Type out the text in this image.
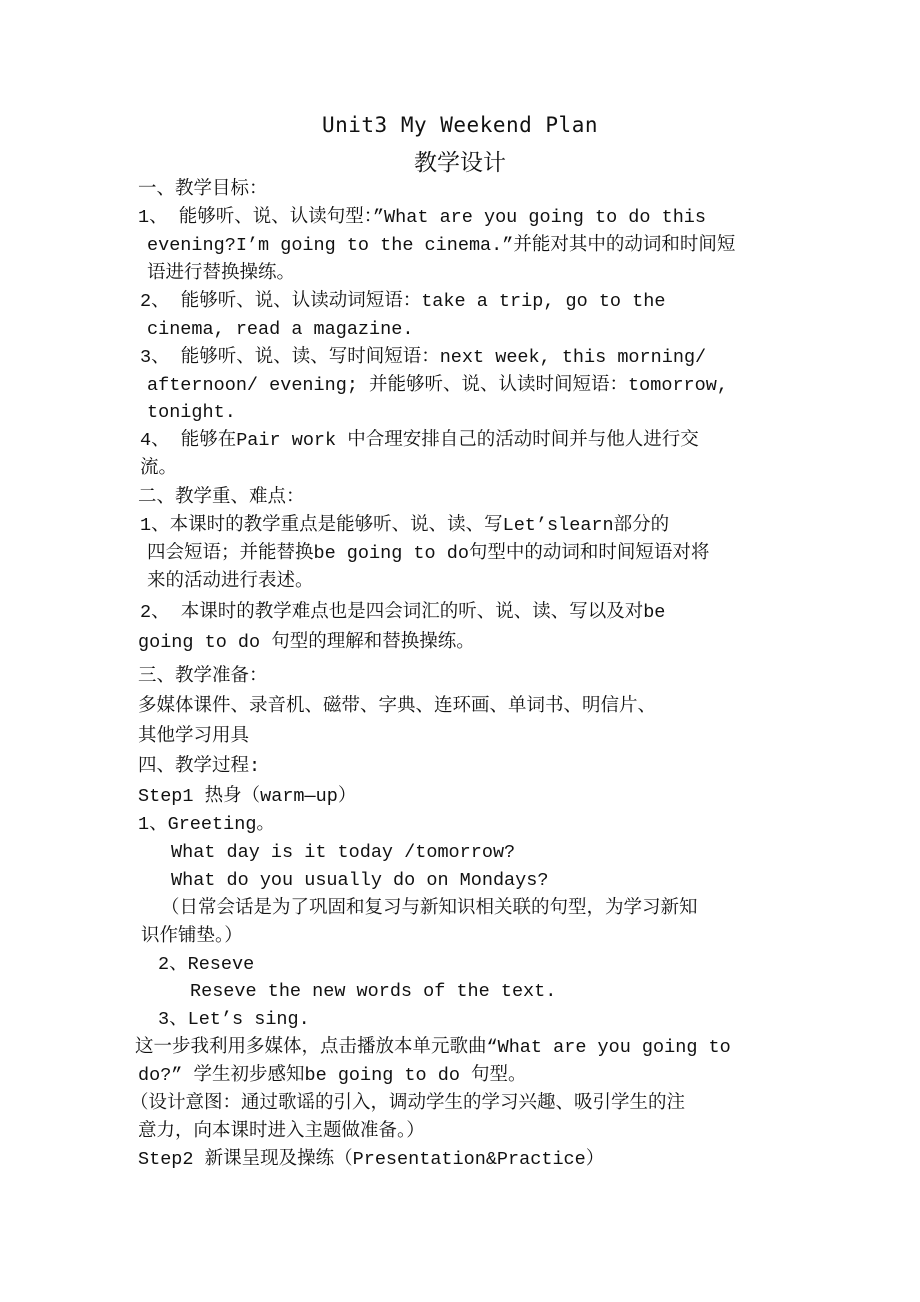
Unit3 My Weekend Plan
教学设计
一、教学目标：
1、 能够听、说、认读句型：”What are you going to do this
evening?I’m going to the cinema.”并能对其中的动词和时间短
语进行替换操练。
2、 能够听、说、认读动词短语：take a trip, go to the
cinema, read a magazine.
3、 能够听、说、读、写时间短语：next week, this morning/
afternoon/ evening; 并能够听、说、认读时间短语：tomorrow,
tonight.
4、 能够在Pair work 中合理安排自己的活动时间并与他人进行交
流。
二、教学重、难点：
1、本课时的教学重点是能够听、说、读、写Let’slearn部分的
四会短语；并能替换be going to do句型中的动词和时间短语对将
来的活动进行表述。
2、 本课时的教学难点也是四会词汇的听、说、读、写以及对be
going to do 句型的理解和替换操练。
三、教学准备：
多媒体课件、录音机、磁带、字典、连环画、单词书、明信片、
其他学习用具
四、教学过程:
Step1 热身（warm—up）
1、Greeting。
What day is it today /tomorrow?
What do you usually do on Mondays?
（日常会话是为了巩固和复习与新知识相关联的句型，为学习新知
识作铺垫。）
2、Reseve
Reseve the new words of the text.
3、Let’s sing.
这一步我利用多媒体，点击播放本单元歌曲“What are you going to
do?” 学生初步感知be going to do 句型。
（设计意图：通过歌谣的引入，调动学生的学习兴趣、吸引学生的注
意力，向本课时进入主题做准备。）
Step2 新课呈现及操练（Presentation&Practice）
